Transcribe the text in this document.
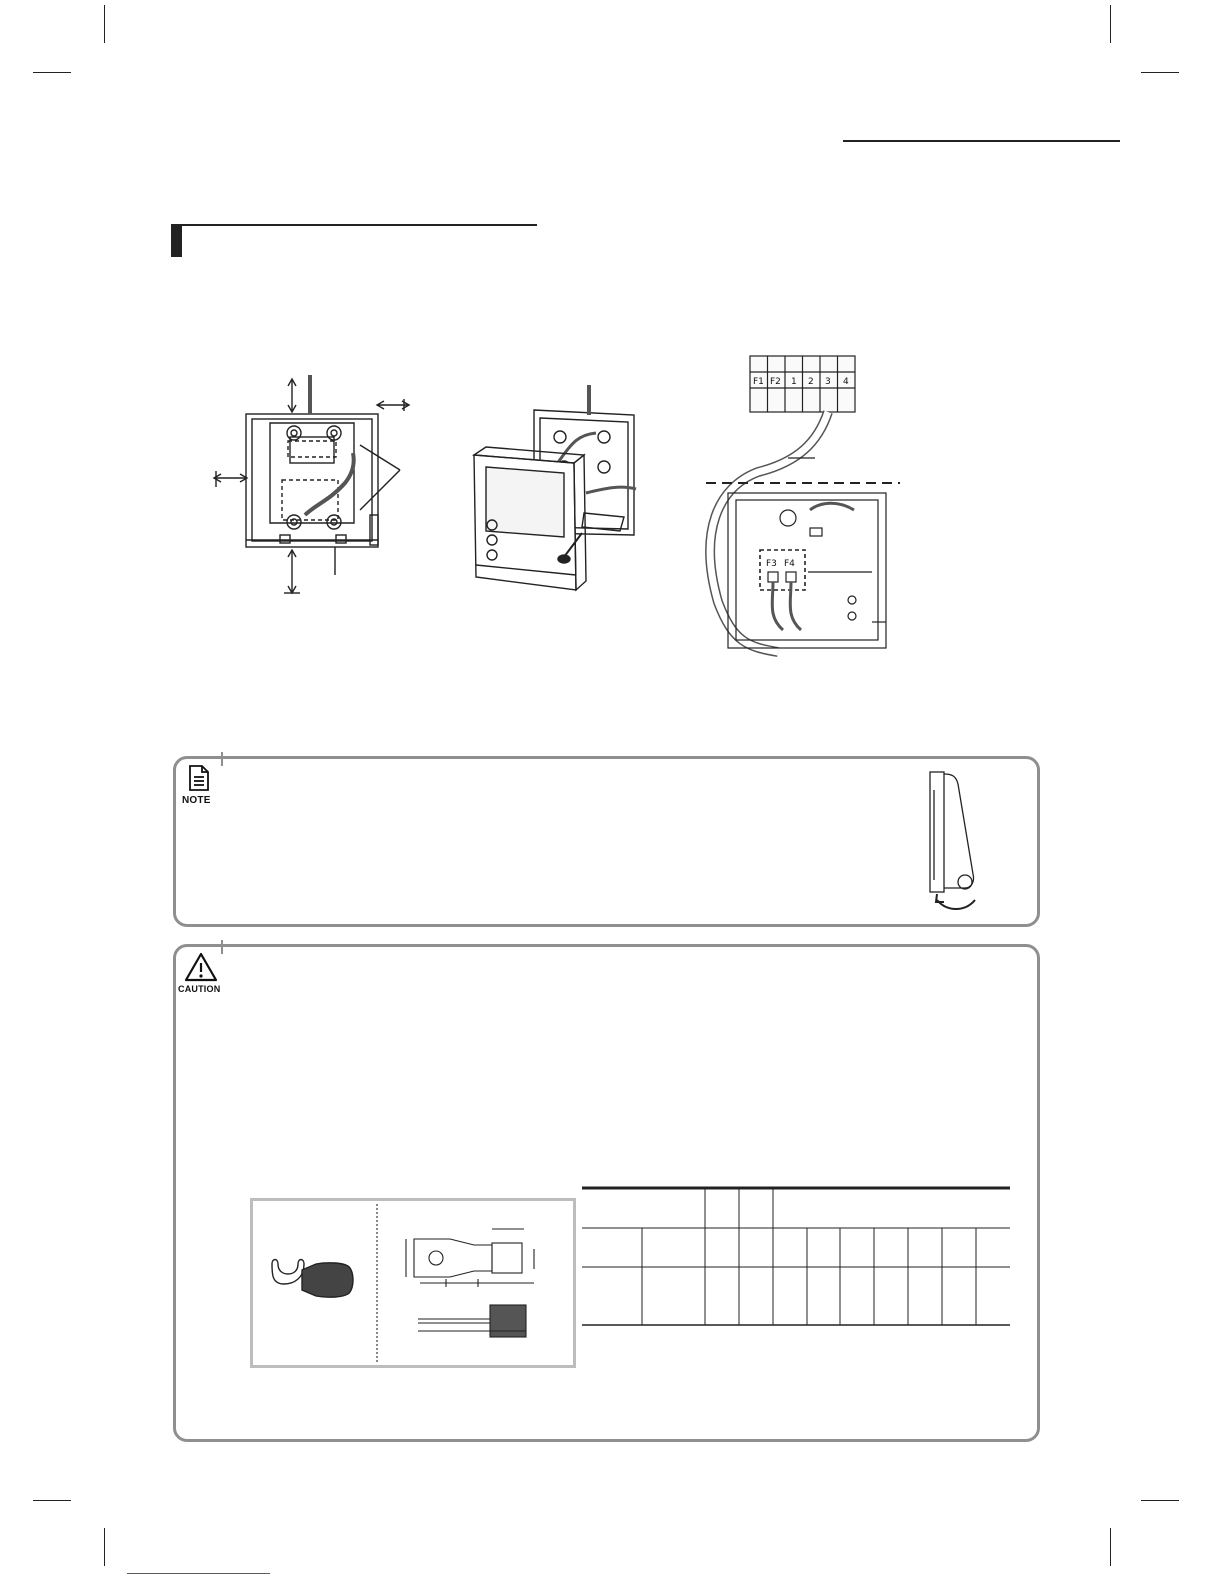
F1 F2 1 2 3 4
F3 F4
NOTE
CAUTION
